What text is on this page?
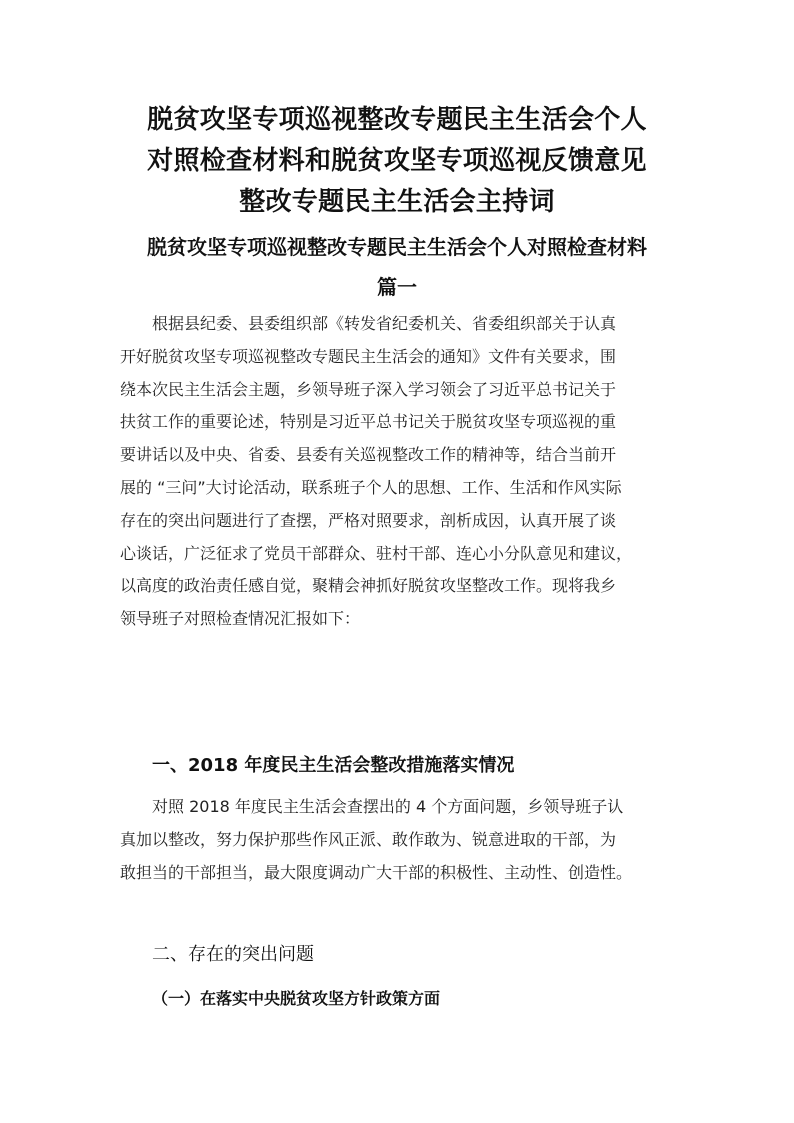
脱贫攻坚专项巡视整改专题民主生活会个人
对照检查材料和脱贫攻坚专项巡视反馈意见
整改专题民主生活会主持词
脱贫攻坚专项巡视整改专题民主生活会个人对照检查材料
篇一
根据县纪委、县委组织部《转发省纪委机关、省委组织部关于认真
开好脱贫攻坚专项巡视整改专题民主生活会的通知》文件有关要求，围
绕本次民主生活会主题，乡领导班子深入学习领会了习近平总书记关于
扶贫工作的重要论述，特别是习近平总书记关于脱贫攻坚专项巡视的重
要讲话以及中央、省委、县委有关巡视整改工作的精神等，结合当前开
展的 “三问”大讨论活动，联系班子个人的思想、工作、生活和作风实际
存在的突出问题进行了查摆，严格对照要求，剖析成因，认真开展了谈
心谈话，广泛征求了党员干部群众、驻村干部、连心小分队意见和建议，
以高度的政治责任感自觉，聚精会神抓好脱贫攻坚整改工作。现将我乡
领导班子对照检查情况汇报如下：
一、2018 年度民主生活会整改措施落实情况
对照 2018 年度民主生活会查摆出的 4 个方面问题，乡领导班子认
真加以整改，努力保护那些作风正派、敢作敢为、锐意进取的干部，为
敢担当的干部担当，最大限度调动广大干部的积极性、主动性、创造性。
二、存在的突出问题
（一）在落实中央脱贫攻坚方针政策方面
